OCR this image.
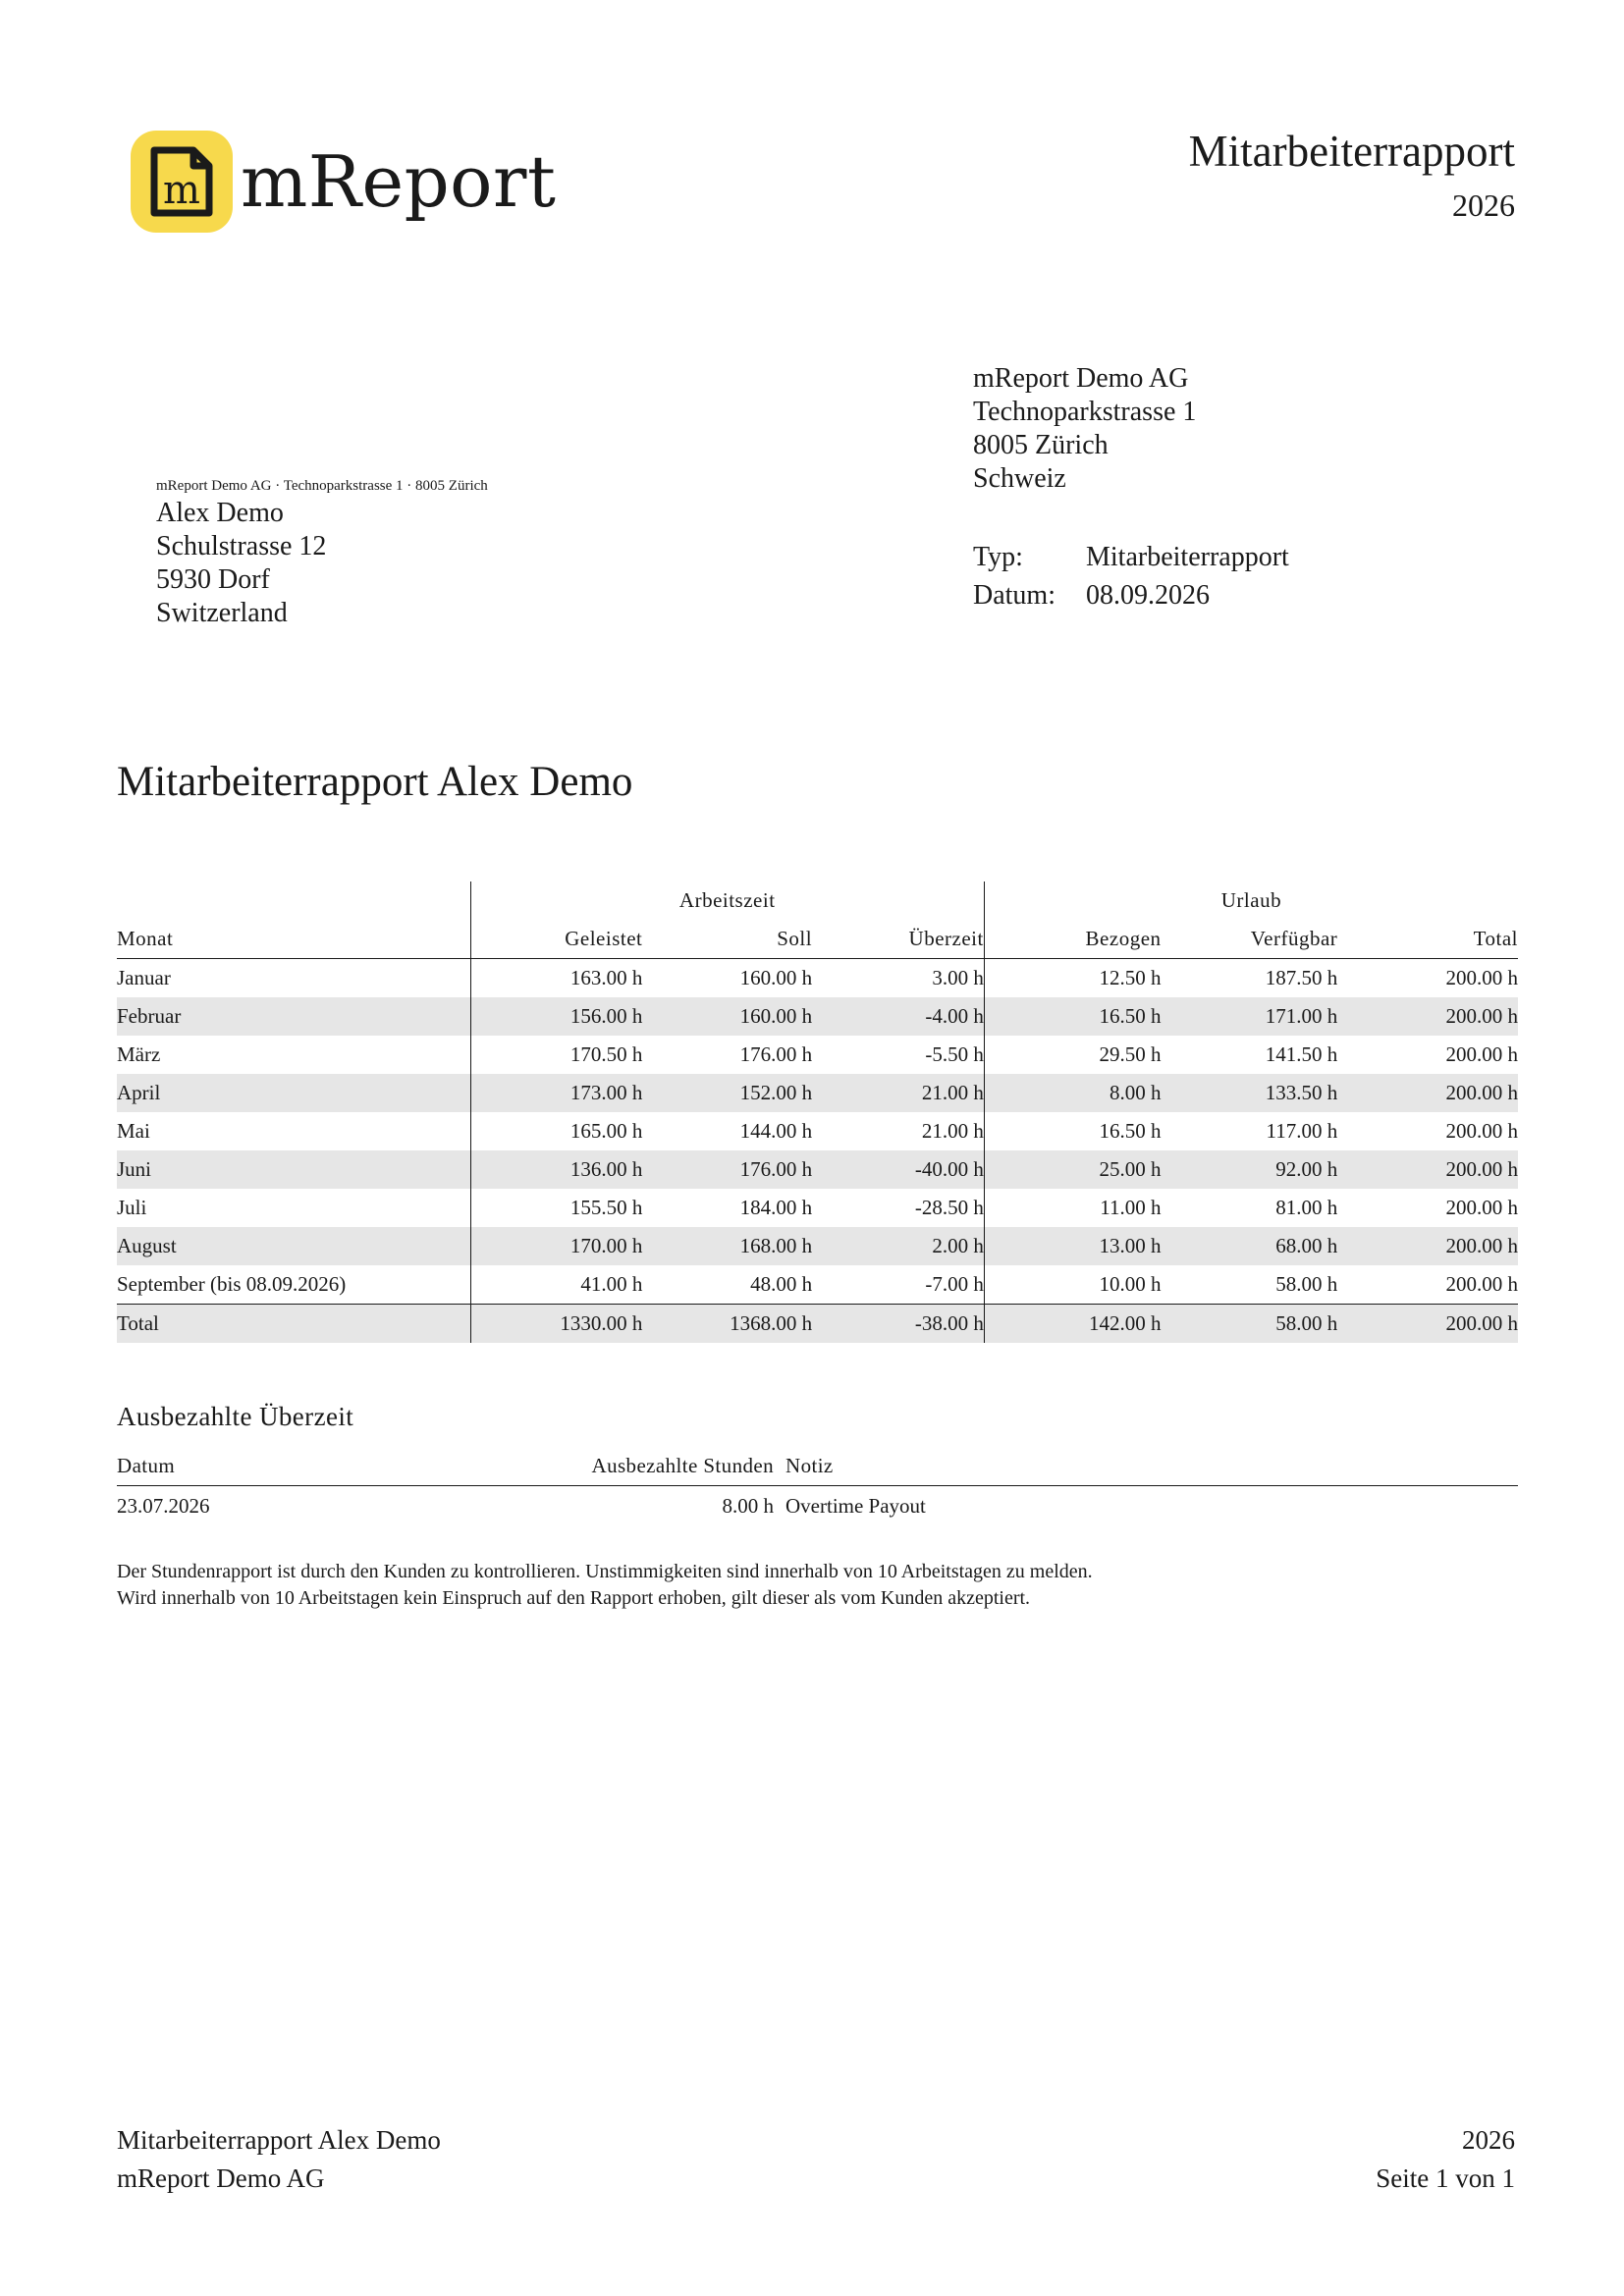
m mReport	Mitarbeiterrapport
2026
mReport Demo AG · Technoparkstrasse 1 · 8005 Zürich
Alex Demo
Schulstrasse 12
5930 Dorf
Switzerland
mReport Demo AG
Technoparkstrasse 1
8005 Zürich
Schweiz
Typ:	Mitarbeiterrapport
Datum:	08.09.2026
Mitarbeiterrapport Alex Demo
	Arbeitszeit			Urlaub		
Monat	Geleistet	Soll	Überzeit	Bezogen	Verfügbar	Total
Januar	163.00 h	160.00 h	3.00 h	12.50 h	187.50 h	200.00 h
Februar	156.00 h	160.00 h	-4.00 h	16.50 h	171.00 h	200.00 h
März	170.50 h	176.00 h	-5.50 h	29.50 h	141.50 h	200.00 h
April	173.00 h	152.00 h	21.00 h	8.00 h	133.50 h	200.00 h
Mai	165.00 h	144.00 h	21.00 h	16.50 h	117.00 h	200.00 h
Juni	136.00 h	176.00 h	-40.00 h	25.00 h	92.00 h	200.00 h
Juli	155.50 h	184.00 h	-28.50 h	11.00 h	81.00 h	200.00 h
August	170.00 h	168.00 h	2.00 h	13.00 h	68.00 h	200.00 h
September (bis 08.09.2026)	41.00 h	48.00 h	-7.00 h	10.00 h	58.00 h	200.00 h
Total	1330.00 h	1368.00 h	-38.00 h	142.00 h	58.00 h	200.00 h
Ausbezahlte Überzeit
Datum	Ausbezahlte Stunden	Notiz
23.07.2026	8.00 h	Overtime Payout
Der Stundenrapport ist durch den Kunden zu kontrollieren. Unstimmigkeiten sind innerhalb von 10 Arbeitstagen zu melden.
Wird innerhalb von 10 Arbeitstagen kein Einspruch auf den Rapport erhoben, gilt dieser als vom Kunden akzeptiert.
Mitarbeiterrapport Alex Demo
mReport Demo AG
2026
Seite 1 von 1
